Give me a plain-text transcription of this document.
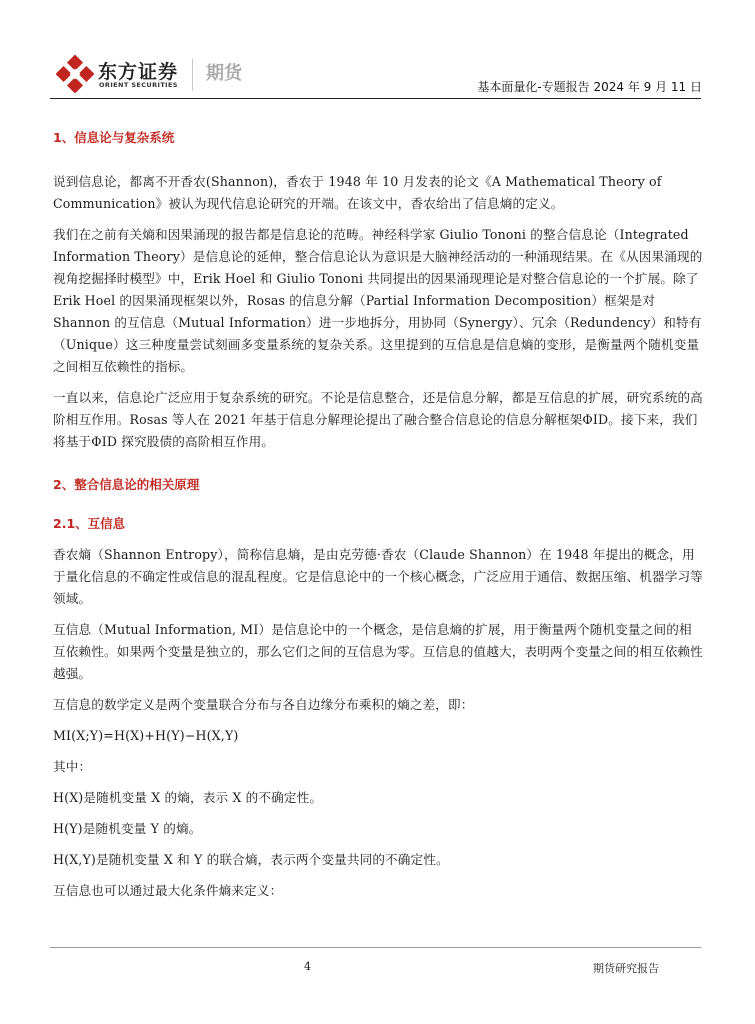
东方证券
ORIENT SECURITIES
期货
基本面量化-专题报告 2024 年 9 月 11 日
1、信息论与复杂系统

说到信息论，都离不开香农(Shannon)，香农于 1948 年 10 月发表的论文《A Mathematical Theory of Communication》被认为现代信息论研究的开端。在该文中，香农给出了信息熵的定义。

我们在之前有关熵和因果涌现的报告都是信息论的范畴。神经科学家 Giulio Tononi 的整合信息论（Integrated Information Theory）是信息论的延伸，整合信息论认为意识是大脑神经活动的一种涌现结果。在《从因果涌现的视角挖掘择时模型》中，Erik Hoel 和 Giulio Tononi 共同提出的因果涌现理论是对整合信息论的一个扩展。除了 Erik Hoel 的因果涌现框架以外，Rosas 的信息分解（Partial Information Decomposition）框架是对 Shannon 的互信息（Mutual Information）进一步地拆分，用协同（Synergy）、冗余（Redundency）和特有（Unique）这三种度量尝试刻画多变量系统的复杂关系。这里提到的互信息是信息熵的变形，是衡量两个随机变量之间相互依赖性的指标。

一直以来，信息论广泛应用于复杂系统的研究。不论是信息整合，还是信息分解，都是互信息的扩展，研究系统的高阶相互作用。Rosas 等人在 2021 年基于信息分解理论提出了融合整合信息论的信息分解框架ΦID。接下来，我们将基于ΦID 探究股债的高阶相互作用。

2、整合信息论的相关原理
2.1、互信息

香农熵（Shannon Entropy），简称信息熵，是由克劳德·香农（Claude Shannon）在 1948 年提出的概念，用于量化信息的不确定性或信息的混乱程度。它是信息论中的一个核心概念，广泛应用于通信、数据压缩、机器学习等领域。

互信息（Mutual Information, MI）是信息论中的一个概念，是信息熵的扩展，用于衡量两个随机变量之间的相互依赖性。如果两个变量是独立的，那么它们之间的互信息为零。互信息的值越大，表明两个变量之间的相互依赖性越强。

互信息的数学定义是两个变量联合分布与各自边缘分布乘积的熵之差，即：

MI(X;Y)=H(X)+H(Y)−H(X,Y)

其中：

H(X)是随机变量 X 的熵，表示 X 的不确定性。

H(Y)是随机变量 Y 的熵。

H(X,Y)是随机变量 X 和 Y 的联合熵，表示两个变量共同的不确定性。

互信息也可以通过最大化条件熵来定义：

4	期货研究报告
